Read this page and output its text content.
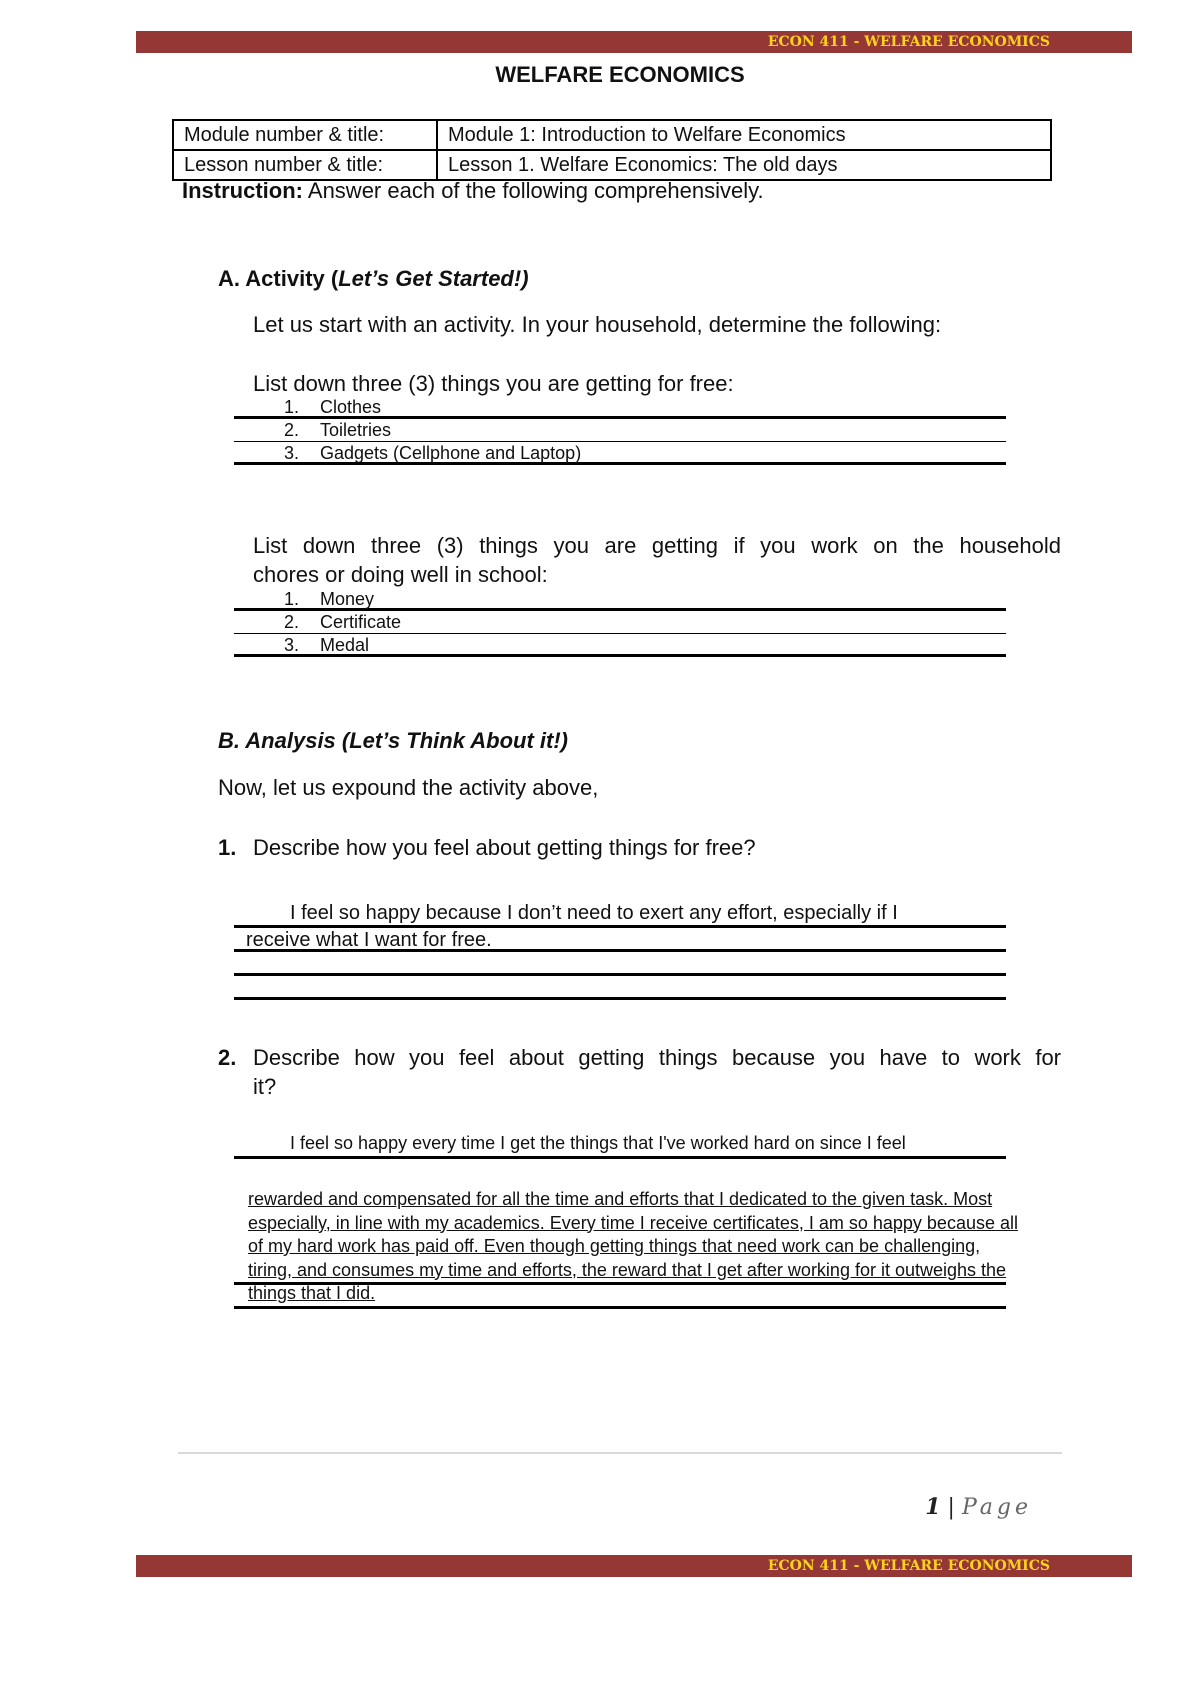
ECON 411 - WELFARE ECONOMICS
WELFARE ECONOMICS
Module number & title:	Module 1: Introduction to Welfare Economics
Lesson number & title:	Lesson 1. Welfare Economics: The old days
Instruction: Answer each of the following comprehensively.
A. Activity (Let’s Get Started!)
Let us start with an activity. In your household, determine the following:
List down three (3) things you are getting for free:
1. Clothes
2. Toiletries
3. Gadgets (Cellphone and Laptop)
List down three (3) things you are getting if you work on the household
chores or doing well in school:
1. Money
2. Certificate
3. Medal
B. Analysis (Let’s Think About it!)
Now, let us expound the activity above,
1. Describe how you feel about getting things for free?
I feel so happy because I don’t need to exert any effort, especially if I
receive what I want for free.
2. Describe how you feel about getting things because you have to work for
it?
I feel so happy every time I get the things that I've worked hard on since I feel
rewarded and compensated for all the time and efforts that I dedicated to the given task. Most especially, in line with my academics. Every time I receive certificates, I am so happy because all of my hard work has paid off. Even though getting things that need work can be challenging, tiring, and consumes my time and efforts, the reward that I get after working for it outweighs the things that I did.
1 | Page
ECON 411 - WELFARE ECONOMICS
